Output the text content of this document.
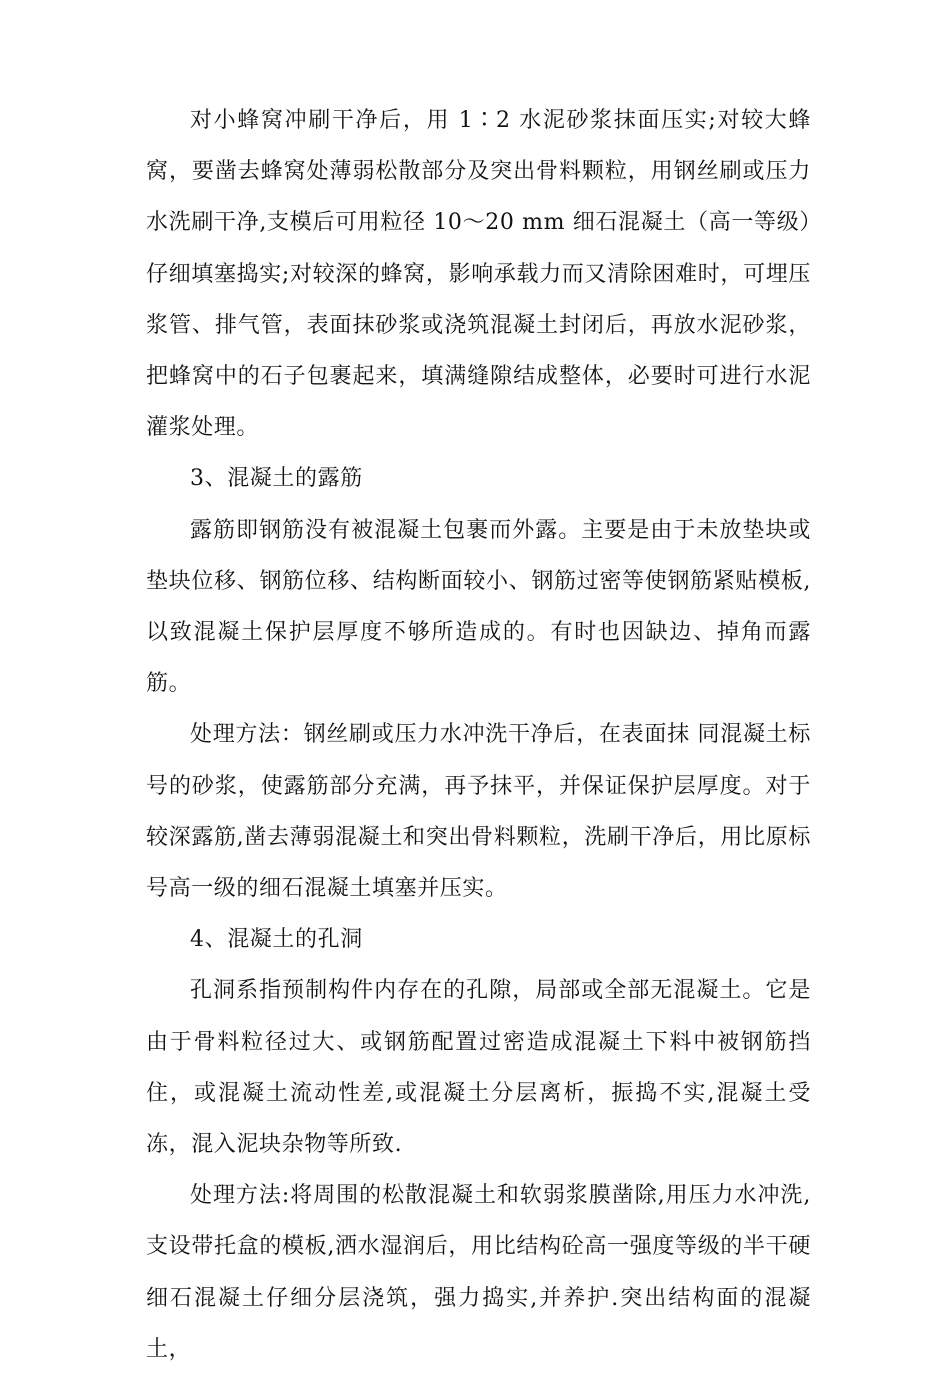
对小蜂窝冲刷干净后，用 1∶2 水泥砂浆抹面压实;对较大蜂窝，要凿去蜂窝处薄弱松散部分及突出骨料颗粒，用钢丝刷或压力水洗刷干净,支模后可用粒径 10～20 mm 细石混凝土（高一等级）仔细填塞捣实;对较深的蜂窝，影响承载力而又清除困难时，可埋压浆管、排气管，表面抹砂浆或浇筑混凝土封闭后，再放水泥砂浆，把蜂窝中的石子包裹起来，填满缝隙结成整体，必要时可进行水泥灌浆处理。

3、混凝土的露筋

露筋即钢筋没有被混凝土包裹而外露。主要是由于未放垫块或垫块位移、钢筋位移、结构断面较小、钢筋过密等使钢筋紧贴模板,以致混凝土保护层厚度不够所造成的。有时也因缺边、掉角而露筋。

处理方法：钢丝刷或压力水冲洗干净后，在表面抹 同混凝土标号的砂浆，使露筋部分充满，再予抹平，并保证保护层厚度。对于较深露筋,凿去薄弱混凝土和突出骨料颗粒，洗刷干净后，用比原标号高一级的细石混凝土填塞并压实。

4、混凝土的孔洞

孔洞系指预制构件内存在的孔隙，局部或全部无混凝土。它是由于骨料粒径过大、或钢筋配置过密造成混凝土下料中被钢筋挡住，或混凝土流动性差,或混凝土分层离析，振捣不实,混凝土受冻，混入泥块杂物等所致.

处理方法:将周围的松散混凝土和软弱浆膜凿除,用压力水冲洗,支设带托盒的模板,洒水湿润后，用比结构砼高一强度等级的半干硬细石混凝土仔细分层浇筑，强力捣实,并养护.突出结构面的混凝土，
